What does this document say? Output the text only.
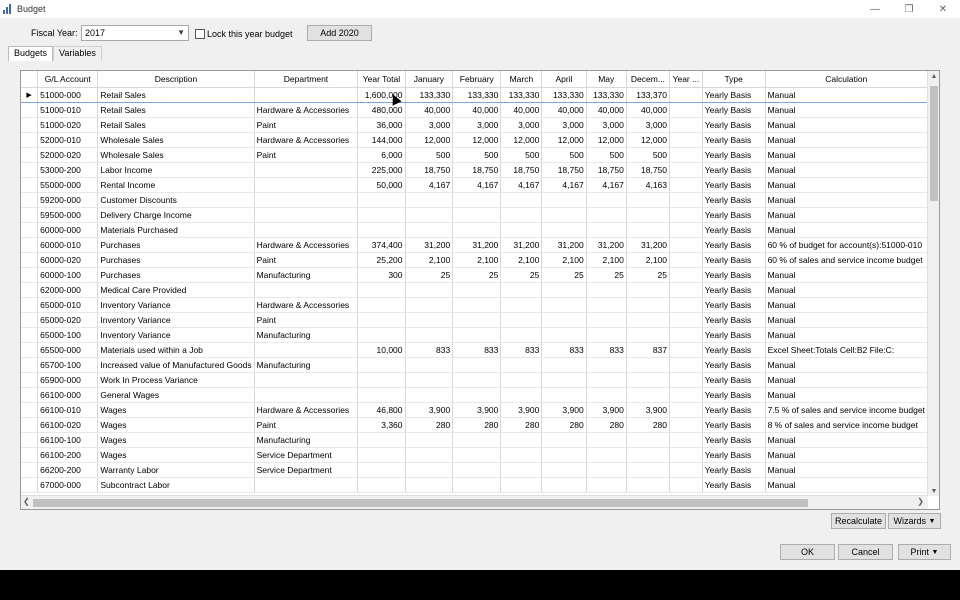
Budget	—	❐	✕
Fiscal Year: 2017	▼ Lock this year budget	Add 2020
Budgets	Variables
	G/L Account	Description	Department	Year Total	January	February	March	April	May	Decem...	Year ...	Type	Calculation
▶	51000-000	Retail Sales		1,600,000	133,330	133,330	133,330	133,330	133,330	133,370		Yearly Basis	Manual
	51000-010	Retail Sales	Hardware & Accessories	480,000	40,000	40,000	40,000	40,000	40,000	40,000		Yearly Basis	Manual
	51000-020	Retail Sales	Paint	36,000	3,000	3,000	3,000	3,000	3,000	3,000		Yearly Basis	Manual
	52000-010	Wholesale Sales	Hardware & Accessories	144,000	12,000	12,000	12,000	12,000	12,000	12,000		Yearly Basis	Manual
	52000-020	Wholesale Sales	Paint	6,000	500	500	500	500	500	500		Yearly Basis	Manual
	53000-200	Labor Income		225,000	18,750	18,750	18,750	18,750	18,750	18,750		Yearly Basis	Manual
	55000-000	Rental Income		50,000	4,167	4,167	4,167	4,167	4,167	4,163		Yearly Basis	Manual
	59200-000	Customer Discounts										Yearly Basis	Manual
	59500-000	Delivery Charge Income										Yearly Basis	Manual
	60000-000	Materials Purchased										Yearly Basis	Manual
	60000-010	Purchases	Hardware & Accessories	374,400	31,200	31,200	31,200	31,200	31,200	31,200		Yearly Basis	60 % of budget for account(s):51000-010
	60000-020	Purchases	Paint	25,200	2,100	2,100	2,100	2,100	2,100	2,100		Yearly Basis	60 % of sales and service income budget
	60000-100	Purchases	Manufacturing	300	25	25	25	25	25	25		Yearly Basis	Manual
	62000-000	Medical Care Provided										Yearly Basis	Manual
	65000-010	Inventory Variance	Hardware & Accessories									Yearly Basis	Manual
	65000-020	Inventory Variance	Paint									Yearly Basis	Manual
	65000-100	Inventory Variance	Manufacturing									Yearly Basis	Manual
	65500-000	Materials used within a Job		10,000	833	833	833	833	833	837		Yearly Basis	Excel Sheet:Totals Cell:B2 File:C:
	65700-100	Increased value of Manufactured Goods	Manufacturing									Yearly Basis	Manual
	65900-000	Work In Process Variance										Yearly Basis	Manual
	66100-000	General Wages										Yearly Basis	Manual
	66100-010	Wages	Hardware & Accessories	46,800	3,900	3,900	3,900	3,900	3,900	3,900		Yearly Basis	7.5 % of sales and service income budget
	66100-020	Wages	Paint	3,360	280	280	280	280	280	280		Yearly Basis	8 % of sales and service income budget
	66100-100	Wages	Manufacturing									Yearly Basis	Manual
	66100-200	Wages	Service Department									Yearly Basis	Manual
	66200-200	Warranty Labor	Service Department									Yearly Basis	Manual
	67000-000	Subcontract Labor										Yearly Basis	Manual
▲
▼
❮	❯
Recalculate	Wizards
▼
OK	Cancel	Print
▼
